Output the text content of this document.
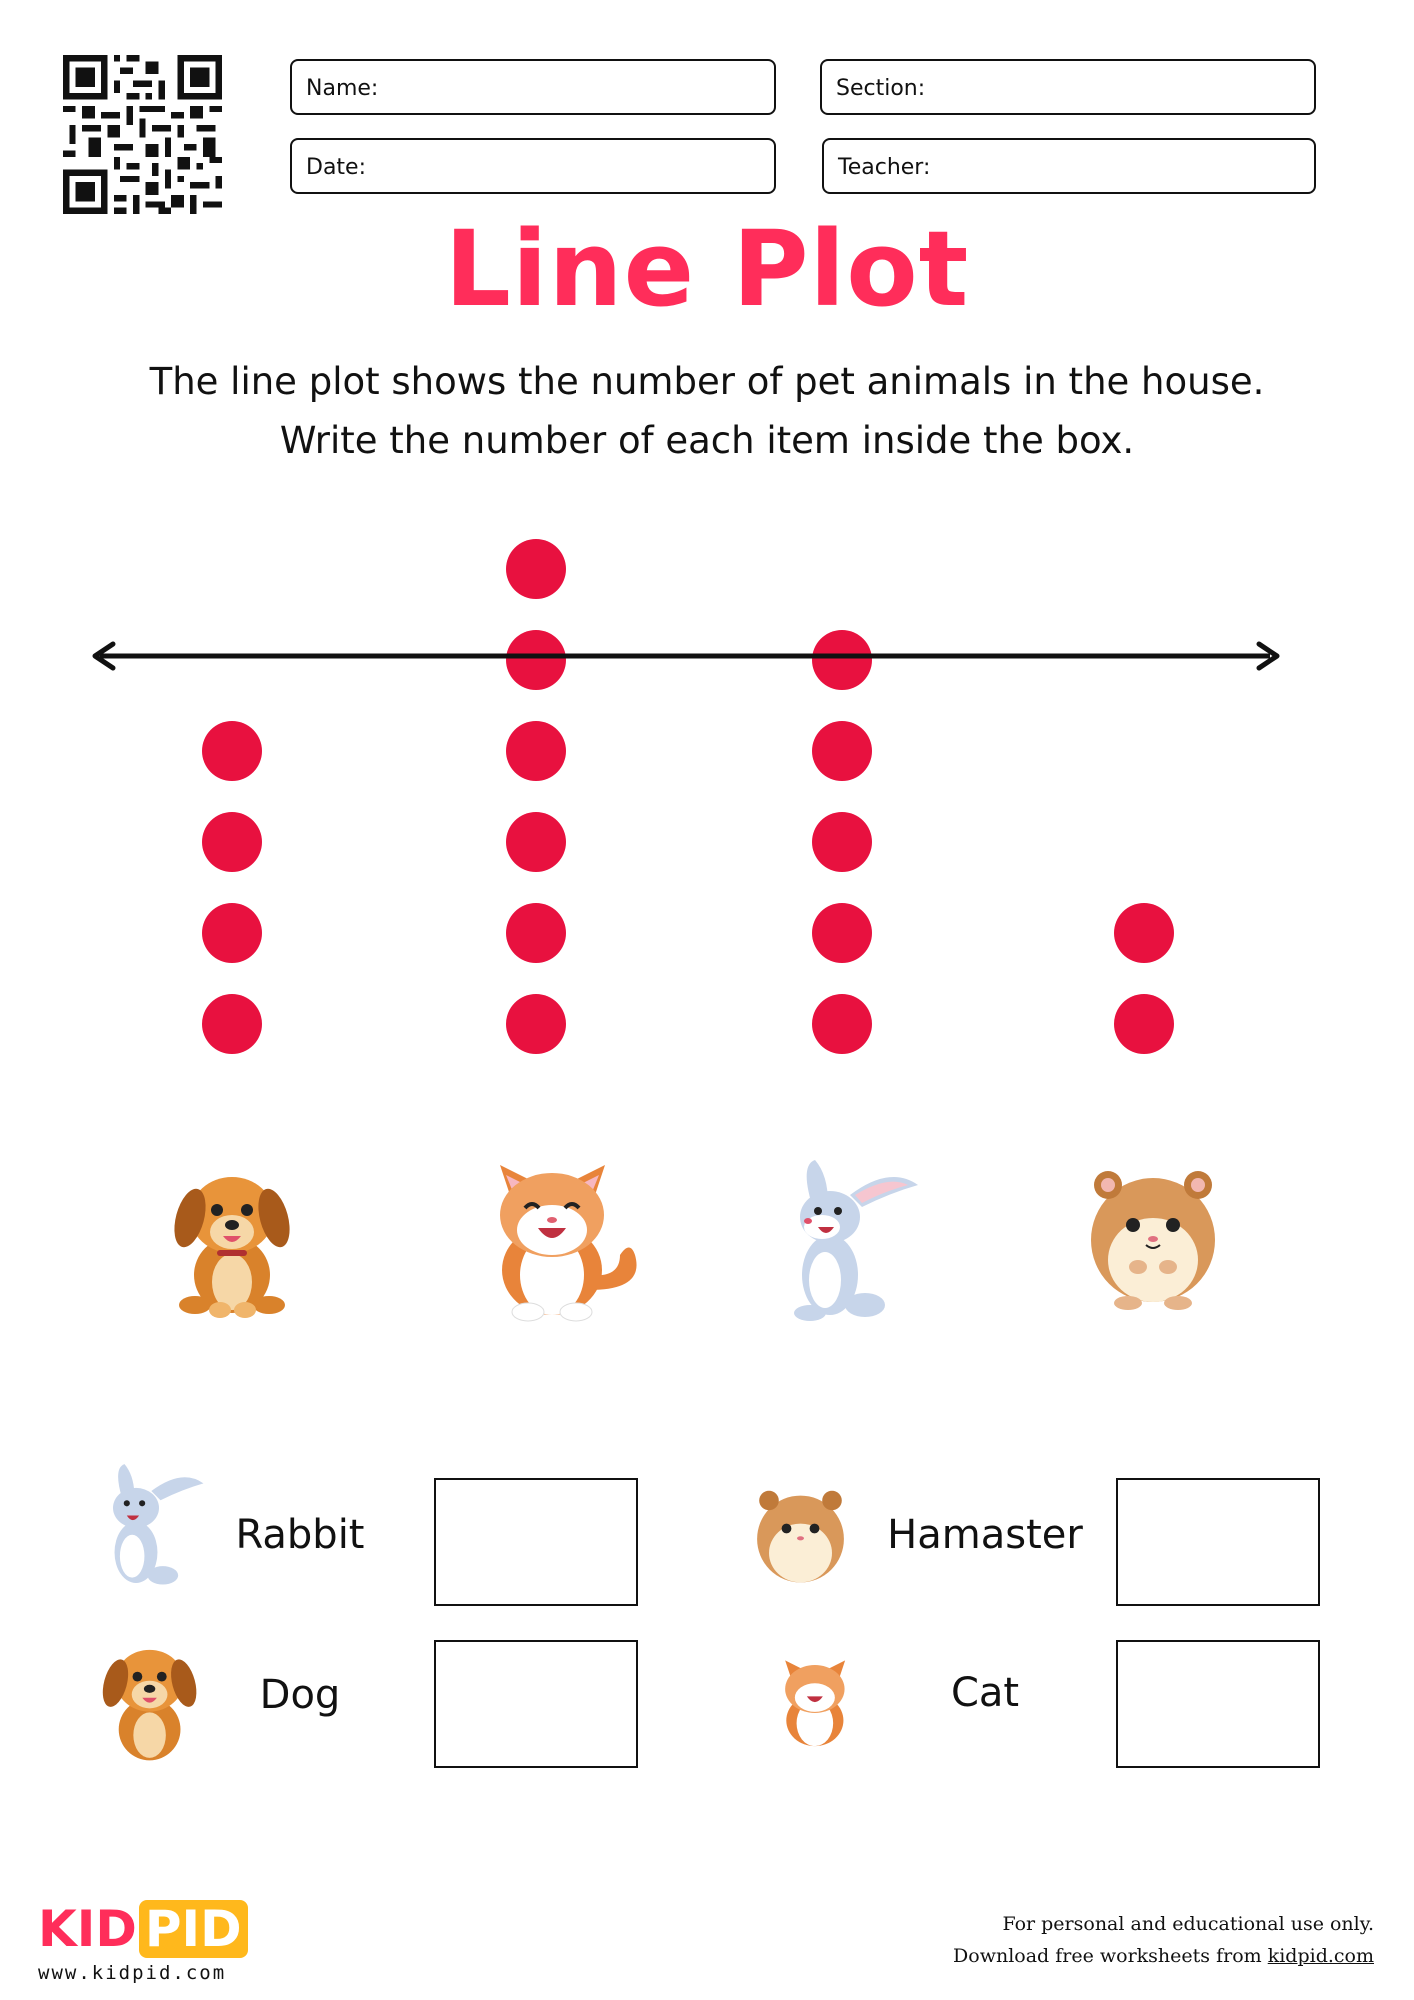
Name:	Section:
Date:	Teacher:
Line Plot
The line plot shows the number of pet animals in the house.
Write the number of each item inside the box.
Rabbit	Hamaster
Dog	Cat
KID PID
www.kidpid.com
For personal and educational use only.
Download free worksheets from kidpid.com
